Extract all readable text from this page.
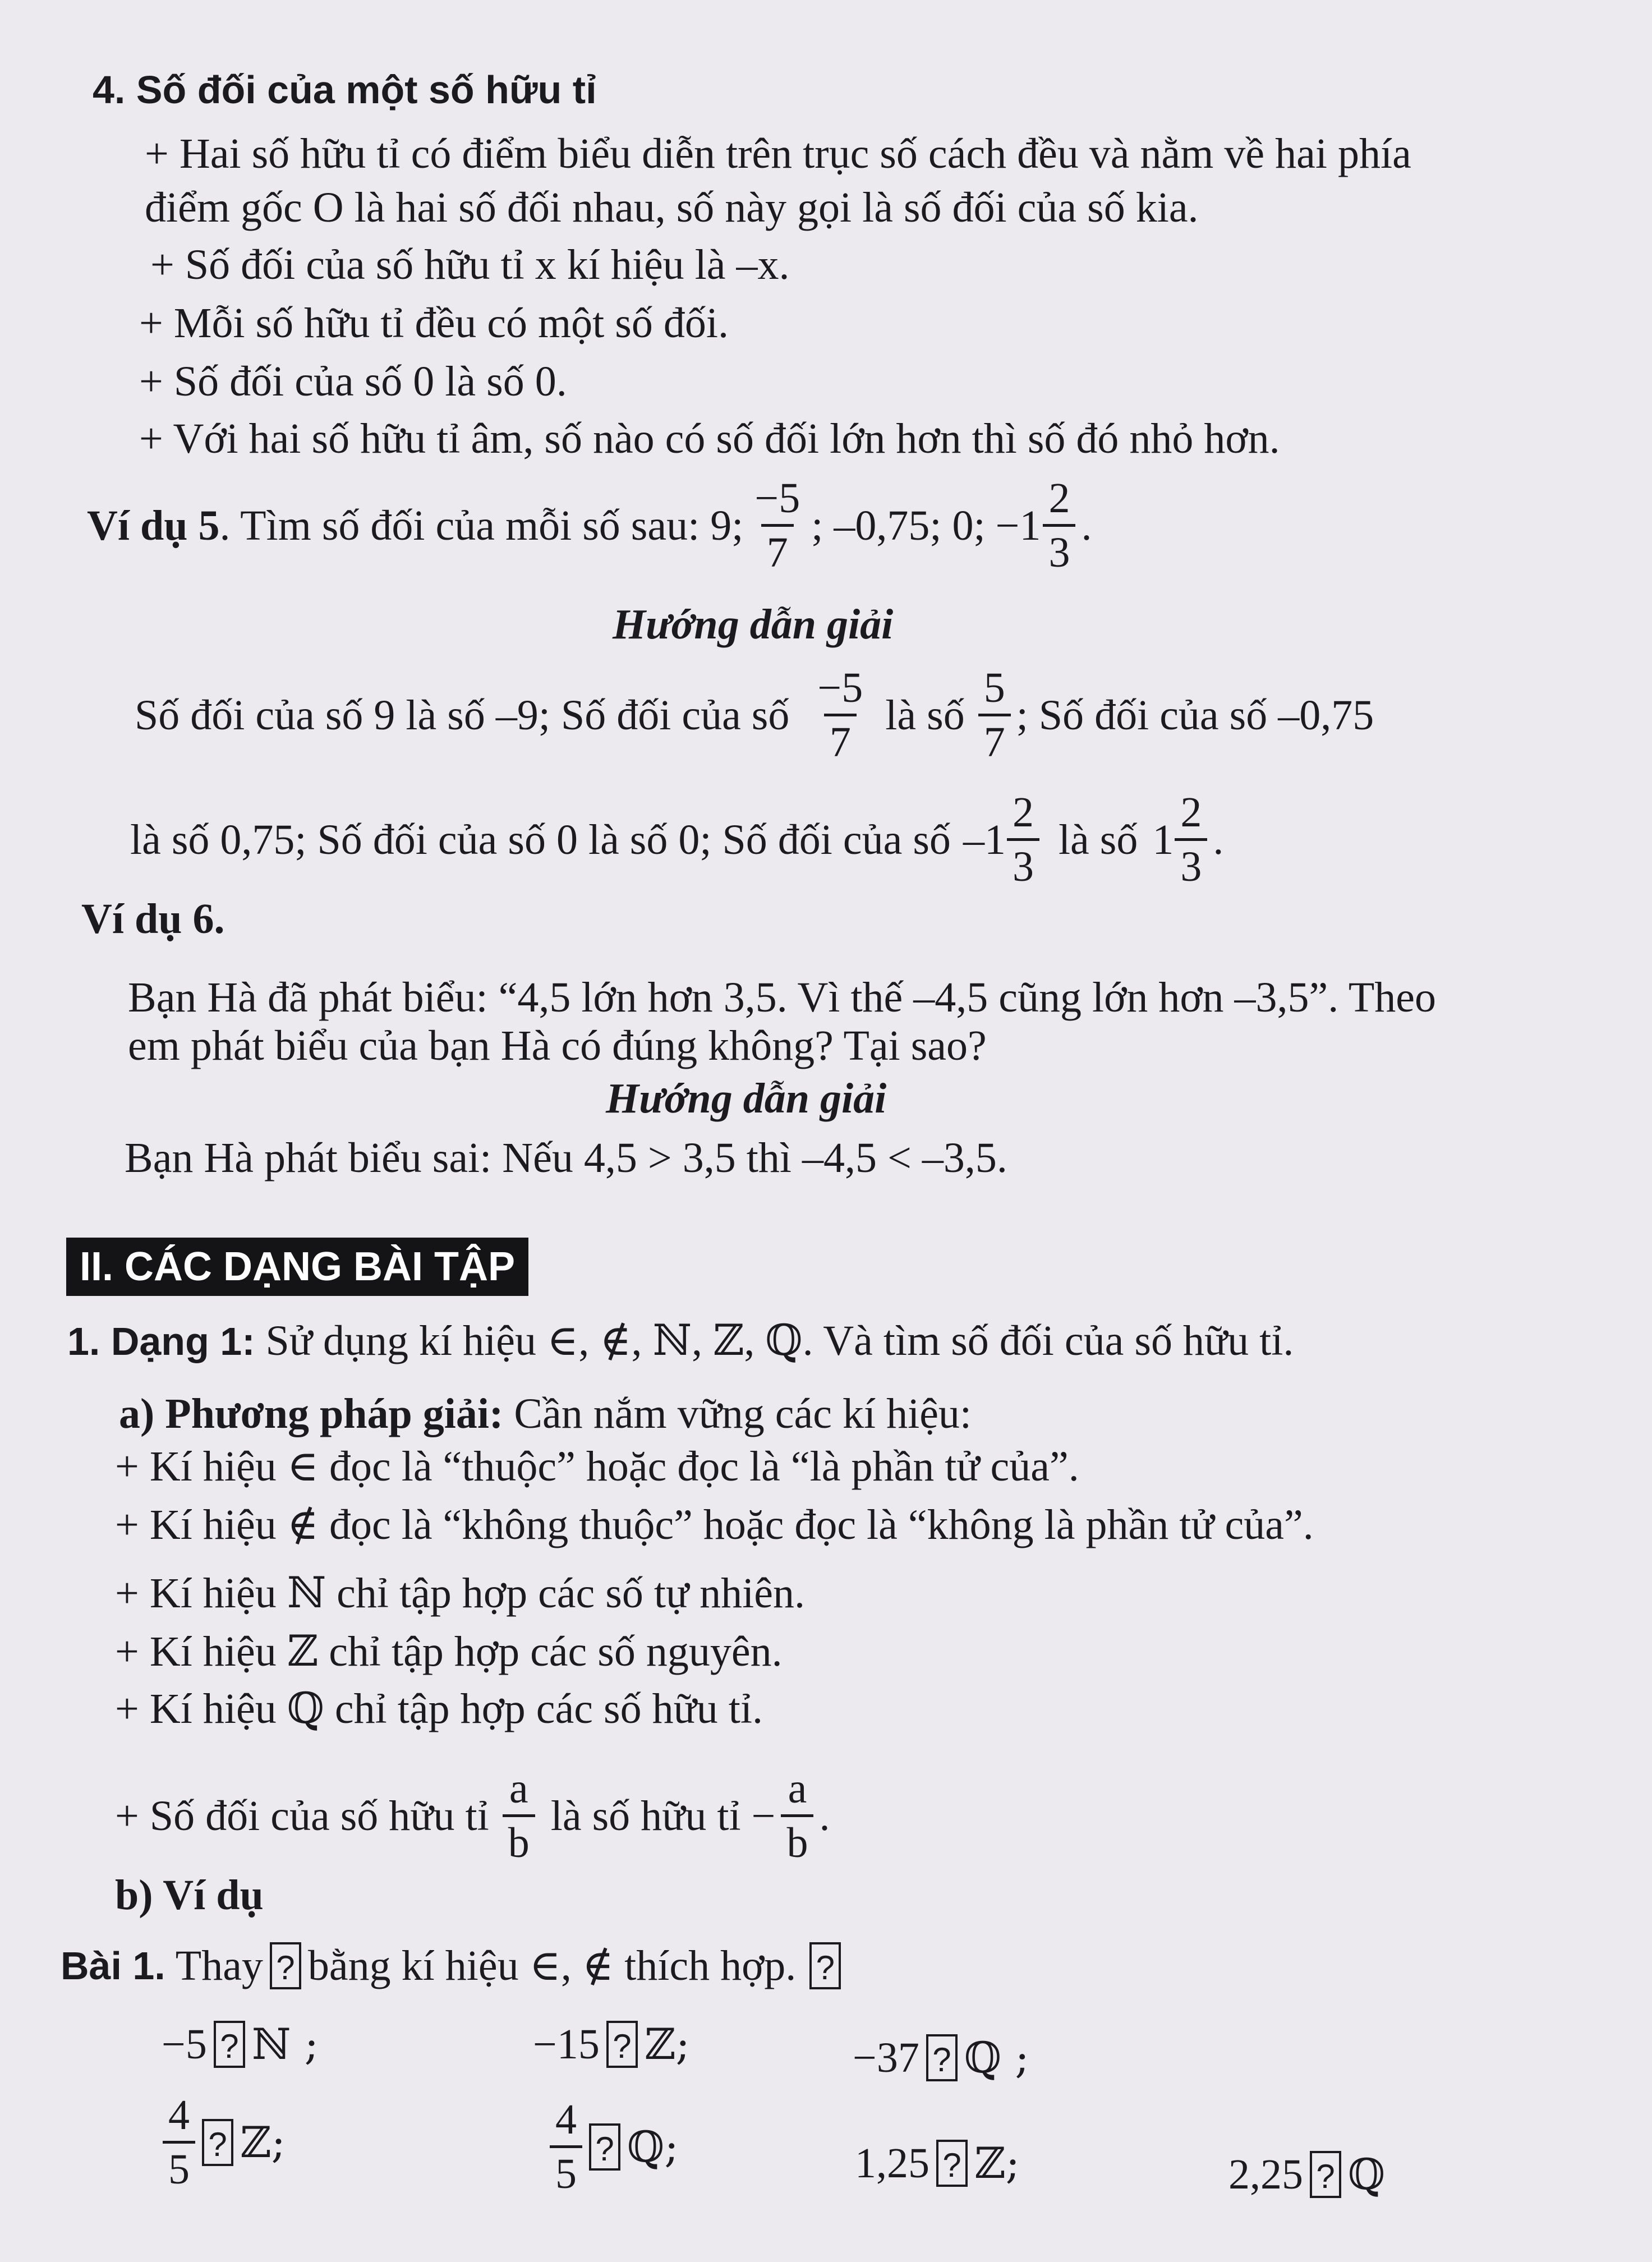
4. Số đối của một số hữu tỉ
+ Hai số hữu tỉ có điểm biểu diễn trên trục số cách đều và nằm về hai phía
điểm gốc O là hai số đối nhau, số này gọi là số đối của số kia.
+ Số đối của số hữu tỉ x kí hiệu là –x.
+ Mỗi số hữu tỉ đều có một số đối.
+ Số đối của số 0 là số 0.
+ Với hai số hữu tỉ âm, số nào có số đối lớn hơn thì số đó nhỏ hơn.
Ví dụ 5 . Tìm số đối của mỗi số sau: 9; $\frac{-5}{7}$ ; –0,75; 0; $-1 \frac{2}{3}$ .
Hướng dẫn giải
Số đối của số 9 là số –9; Số đối của số $\frac{-5}{7}$ là số $\frac{5}{7}$ ; Số đối của số –0,75
là số 0,75; Số đối của số 0 là số 0; Số đối của số $-1 \frac{2}{3}$ là số $1 \frac{2}{3}$ .
Ví dụ 6.
Bạn Hà đã phát biểu: “4,5 lớn hơn 3,5. Vì thế –4,5 cũng lớn hơn –3,5”. Theo
em phát biểu của bạn Hà có đúng không? Tại sao?
Hướng dẫn giải
Bạn Hà phát biểu sai: Nếu 4,5 > 3,5 thì –4,5 < –3,5.
II. CÁC DẠNG BÀI TẬP
1. Dạng 1: Sử dụng kí hiệu ∈, ∉, ℕ, ℤ, ℚ. Và tìm số đối của số hữu tỉ.
a) Phương pháp giải: Cần nắm vững các kí hiệu:
+ Kí hiệu ∈ đọc là “thuộc” hoặc đọc là “là phần tử của”.
+ Kí hiệu ∉ đọc là “không thuộc” hoặc đọc là “không là phần tử của”.
+ Kí hiệu ℕ chỉ tập hợp các số tự nhiên.
+ Kí hiệu ℤ chỉ tập hợp các số nguyên.
+ Kí hiệu ℚ chỉ tập hợp các số hữu tỉ.
+ Số đối của số hữu tỉ $\frac{a}{b}$ là số hữu tỉ − $\frac{a}{b}$ .
b) Ví dụ
Bài 1. Thay ? bằng kí hiệu ∈, ∉ thích hợp. ?
−5 ? ℕ ;	−15 ? ℤ;	−37 ? ℚ ;
$\frac{4}{5}$ ? ℤ;	$\frac{4}{5}$ ? ℚ;	1,25 ? ℤ;	2,25 ? ℚ
